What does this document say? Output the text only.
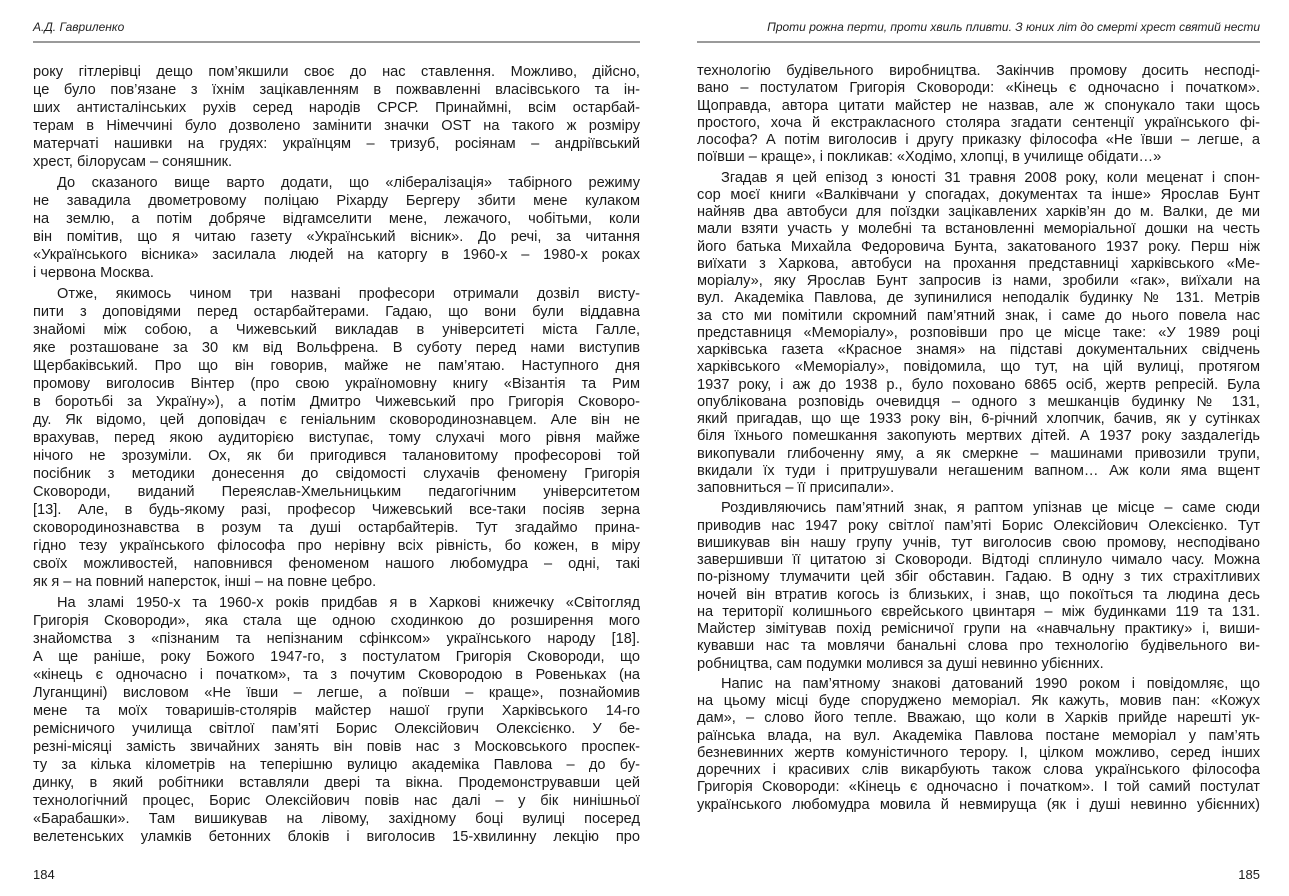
А.Д. Гавриленко
року гітлерівці дещо пом’якшили своє до нас ставлення. Можливо, дійсно,
це було пов’язане з їхнім зацікавленням в пожвавленні власівського та ін-
ших антисталінських рухів серед народів СРСР. Принаймні, всім остарбай-
терам в Німеччині було дозволено замінити значки OST на такого ж розміру
матерчаті нашивки на грудях: українцям – тризуб, росіянам – андріївський
хрест, білорусам – соняшник.
До сказаного вище варто додати, що «лібералізація» табірного режиму
не завадила двометровому поліцаю Ріхарду Бергеру збити мене кулаком
на землю, а потім добряче відгамселити мене, лежачого, чобітьми, коли
він помітив, що я читаю газету «Український вісник». До речі, за читання
«Українського вісника» засилала людей на каторгу в 1960-х – 1980-х роках
і червона Москва.
Отже, якимось чином три названі професори отримали дозвіл висту-
пити з доповідями перед остарбайтерами. Гадаю, що вони були віддавна
знайомі між собою, а Чижевський викладав в університеті міста Галле,
яке розташоване за 30 км від Вольфрена. В суботу перед нами виступив
Щербаківський. Про що він говорив, майже не пам’ятаю. Наступного дня
промову виголосив Вінтер (про свою україномовну книгу «Візантія та Рим
в боротьбі за Україну»), а потім Дмитро Чижевський про Григорія Сковоро-
ду. Як відомо, цей доповідач є геніальним сковородинознавцем. Але він не
врахував, перед якою аудиторією виступає, тому слухачі мого рівня майже
нічого не зрозуміли. Ох, як би пригодився талановитому професорові той
посібник з методики донесення до свідомості слухачів феномену Григорія
Сковороди, виданий Переяслав-Хмельницьким педагогічним університетом
[13]. Але, в будь-якому разі, професор Чижевський все-таки посіяв зерна
сковородинознавства в розум та душі остарбайтерів. Тут згадаймо прина-
гідно тезу українського філософа про нерівну всіх рівність, бо кожен, в міру
своїх можливостей, наповнився феноменом нашого любомудра – одні, такі
як я – на повний наперсток, інші – на повне цебро.
На зламі 1950-х та 1960-х років придбав я в Харкові книжечку «Світогляд
Григорія Сковороди», яка стала ще одною сходинкою до розширення мого
знайомства з «пізнаним та непізнаним сфінксом» українського народу [18].
А ще раніше, року Божого 1947-го, з постулатом Григорія Сковороди, що
«кінець є одночасно і початком», та з почутим Сковородою в Ровеньках (на
Луганщині) висловом «Не ївши – легше, а поївши – краще», познайомив
мене та моїх товаришів-столярів майстер нашої групи Харківського 14-го
ремісничого училища світлої пам’яті Борис Олексійович Олексієнко. У бе-
резні-місяці замість звичайних занять він повів нас з Московського проспек-
ту за кілька кілометрів на теперішню вулицю академіка Павлова – до бу-
динку, в який робітники вставляли двері та вікна. Продемонструвавши цей
технологічний процес, Борис Олексійович повів нас далі – у бік нинішньої
«Барабашки». Там вишикував на лівому, західному боці вулиці посеред
велетенських уламків бетонних блоків і виголосив 15-хвилинну лекцію про
184
Проти рожна перти, проти хвиль пливти. З юних літ до смерті хрест святий нести
технологію будівельного виробництва. Закінчив промову досить несподі-
вано – постулатом Григорія Сковороди: «Кінець є одночасно і початком».
Щоправда, автора цитати майстер не назвав, але ж спонукало таки щось
простого, хоча й екстракласного столяра згадати сентенції українського фі-
лософа? А потім виголосив і другу приказку філософа «Не ївши – легше, а
поївши – краще», і покликав: «Ходімо, хлопці, в училище обідати…»
Згадав я цей епізод з юності 31 травня 2008 року, коли меценат і спон-
сор моєї книги «Валківчани у спогадах, документах та інше» Ярослав Бунт
найняв два автобуси для поїздки зацікавлених харків’ян до м. Валки, де ми
мали взяти участь у молебні та встановленні меморіальної дошки на честь
його батька Михайла Федоровича Бунта, закатованого 1937 року. Перш ніж
виїхати з Харкова, автобуси на прохання представниці харківського «Ме-
моріалу», яку Ярослав Бунт запросив із нами, зробили «гак», виїхали на
вул. Академіка Павлова, де зупинилися неподалік будинку № 131. Метрів
за сто ми помітили скромний пам’ятний знак, і саме до нього повела нас
представниця «Меморіалу», розповівши про це місце таке: «У 1989 році
харківська газета «Красное знамя» на підставі документальних свідчень
харківського «Меморіалу», повідомила, що тут, на цій вулиці, протягом
1937 року, і аж до 1938 р., було поховано 6865 осіб, жертв репресій. Була
опублікована розповідь очевидця – одного з мешканців будинку № 131,
який пригадав, що ще 1933 року він, 6-річний хлопчик, бачив, як у сутінках
біля їхнього помешкання закопують мертвих дітей. А 1937 року заздалегідь
викопували глибоченну яму, а як смеркне – машинами привозили трупи,
вкидали їх туди і притрушували негашеним вапном… Аж коли яма вщент
заповниться – її присипали».
Роздивляючись пам’ятний знак, я раптом упізнав це місце – саме сюди
приводив нас 1947 року світлої пам’яті Борис Олексійович Олексієнко. Тут
вишикував він нашу групу учнів, тут виголосив свою промову, несподівано
завершивши її цитатою зі Сковороди. Відтоді сплинуло чимало часу. Можна
по-різному тлумачити цей збіг обставин. Гадаю. В одну з тих страхітливих
ночей він втратив когось із близьких, і знав, що покоїться та людина десь
на території колишнього єврейського цвинтаря – між будинками 119 та 131.
Майстер зімітував похід ремісничої групи на «навчальну практику» і, виши-
кувавши нас та мовлячи банальні слова про технологію будівельного ви-
робництва, сам подумки молився за душі невинно убієнних.
Напис на пам’ятному знакові датований 1990 роком і повідомляє, що
на цьому місці буде споруджено меморіал. Як кажуть, мовив пан: «Кожух
дам», – слово його тепле. Вважаю, що коли в Харків прийде нарешті ук-
раїнська влада, на вул. Академіка Павлова постане меморіал у пам’ять
безневинних жертв комуністичного терору. І, цілком можливо, серед інших
доречних і красивих слів викарбують також слова українського філософа
Григорія Сковороди: «Кінець є одночасно і початком». І той самий постулат
українського любомудра мовила й невмируща (як і душі невинно убієнних)
185
